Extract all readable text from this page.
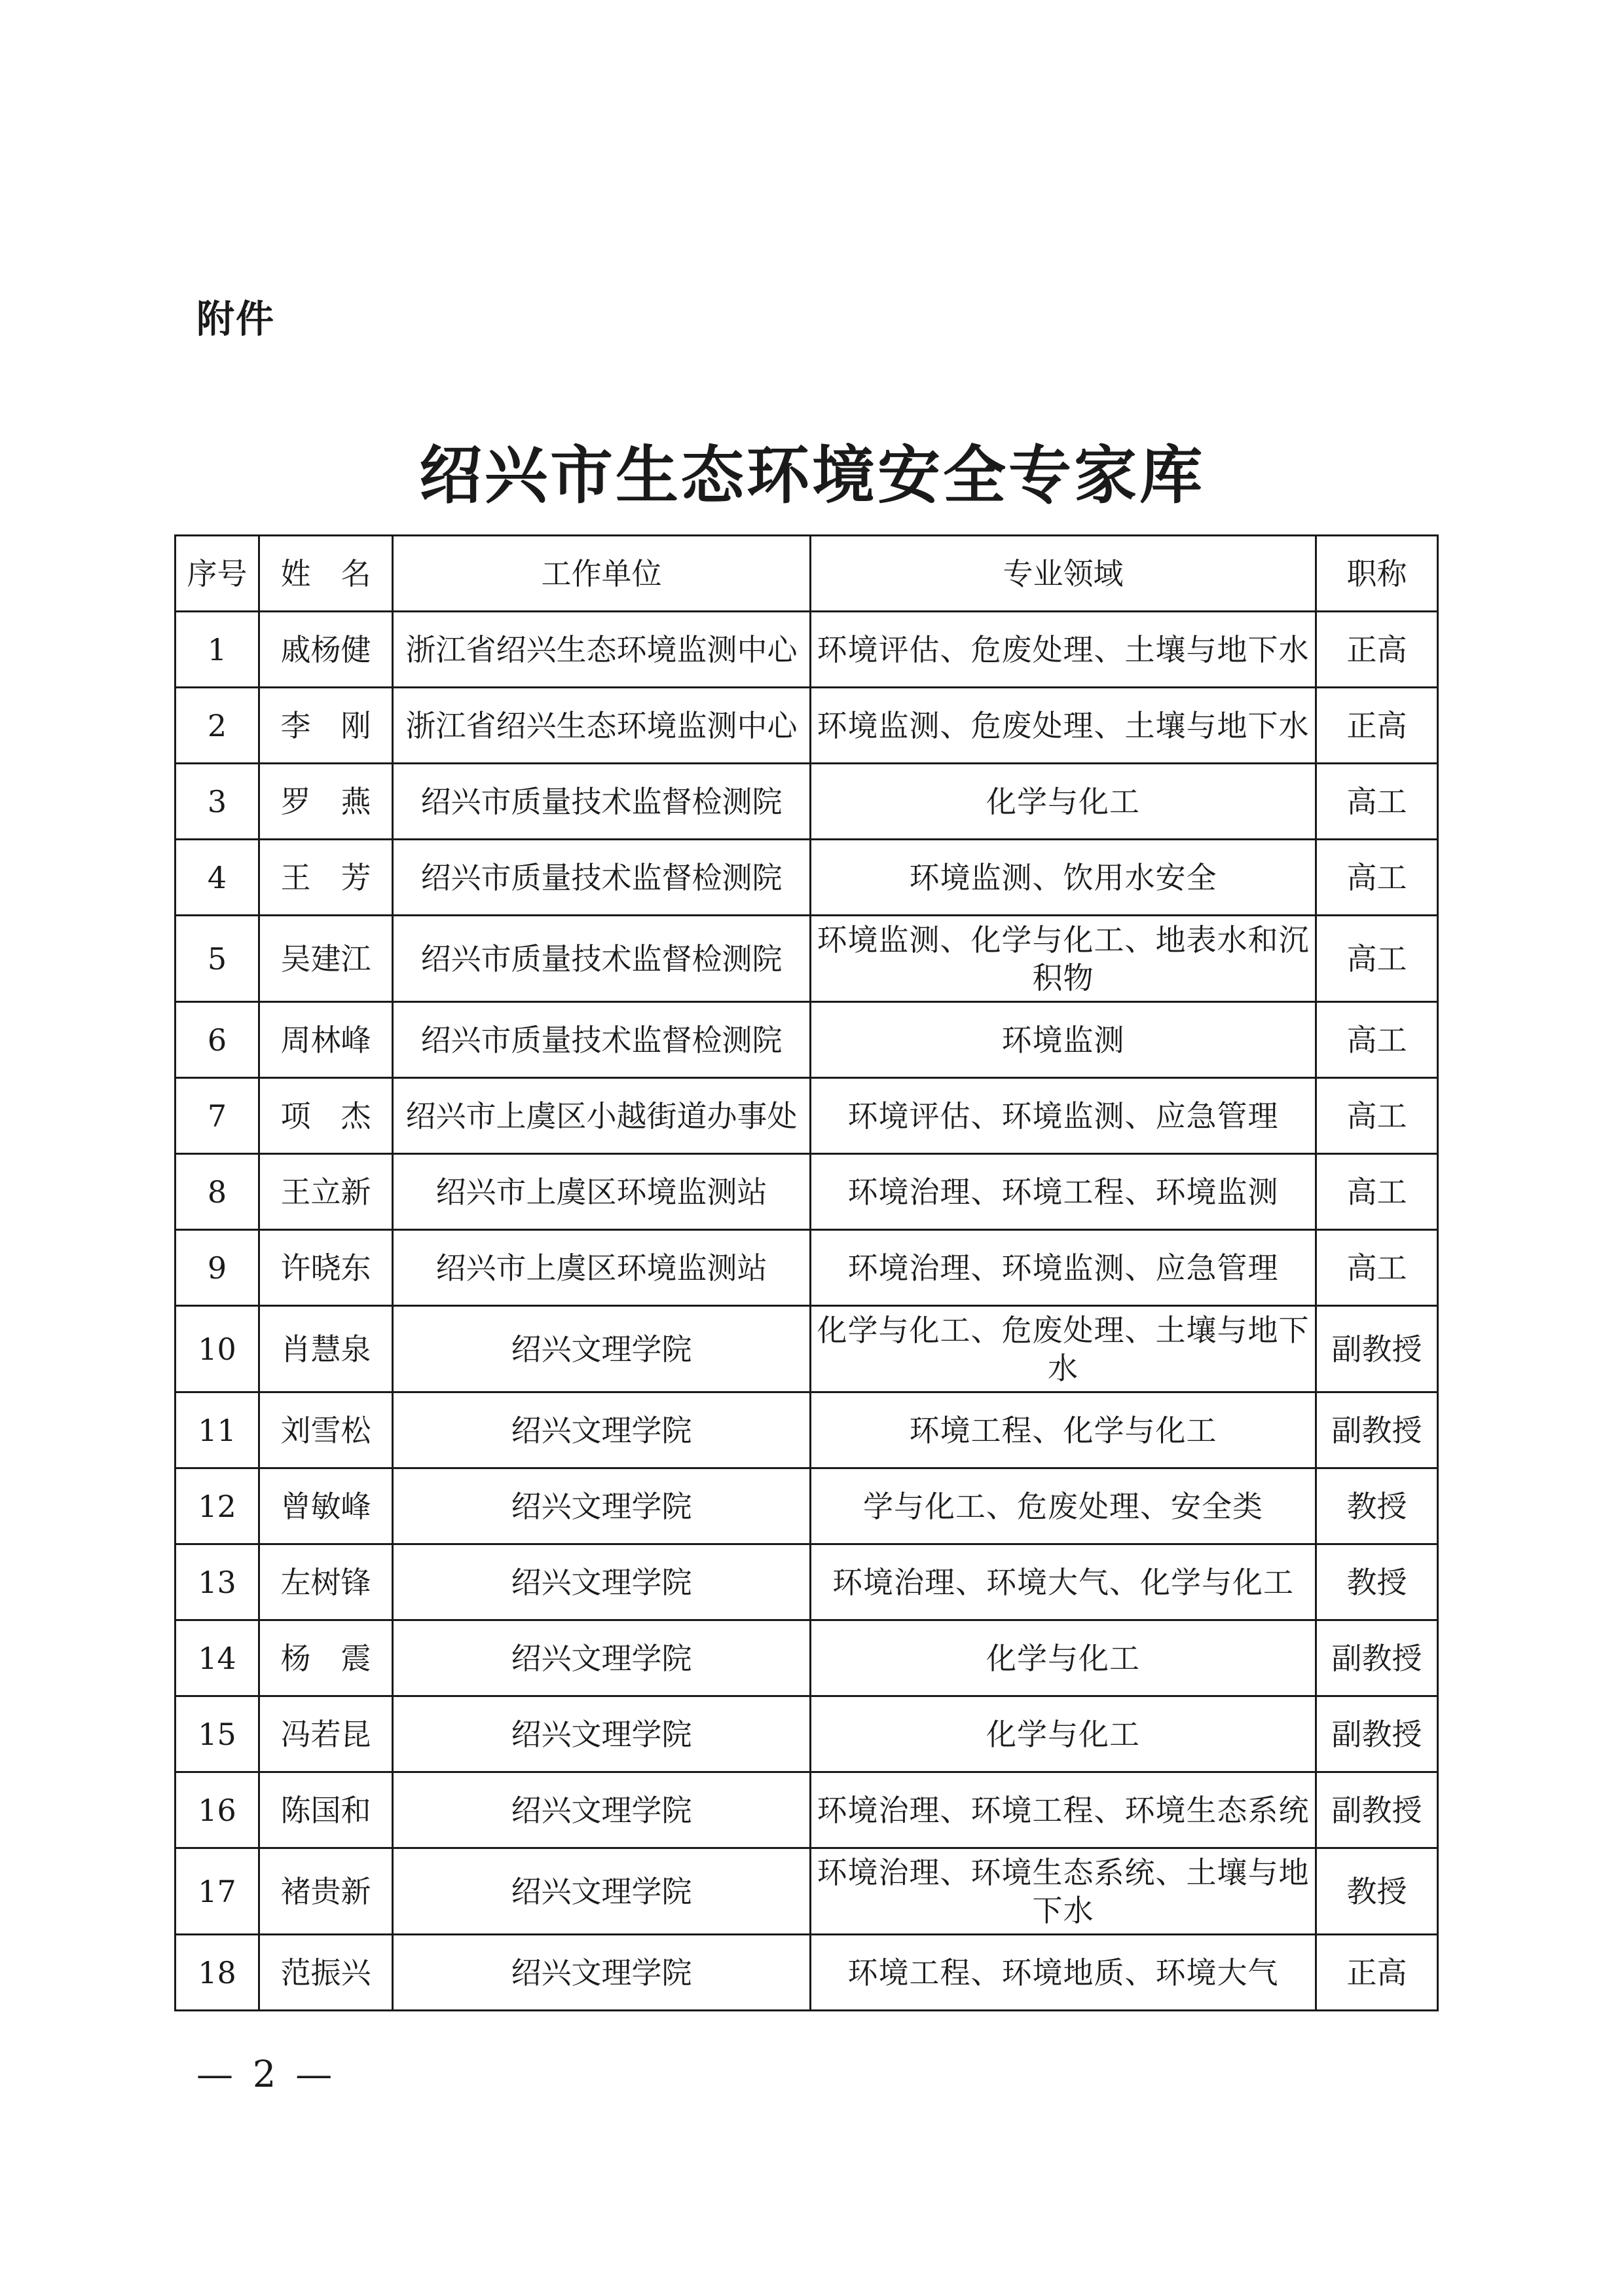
附件
绍兴市生态环境安全专家库
序号	姓　名	工作单位	专业领域	职称
1	戚杨健	浙江省绍兴生态环境监测中心	环境评估、危废处理、土壤与地下水	正高
2	李　刚	浙江省绍兴生态环境监测中心	环境监测、危废处理、土壤与地下水	正高
3	罗　燕	绍兴市质量技术监督检测院	化学与化工	高工
4	王　芳	绍兴市质量技术监督检测院	环境监测、饮用水安全	高工
5	吴建江	绍兴市质量技术监督检测院	环境监测、化学与化工、地表水和沉积物	高工
6	周林峰	绍兴市质量技术监督检测院	环境监测	高工
7	项　杰	绍兴市上虞区小越街道办事处	环境评估、环境监测、应急管理	高工
8	王立新	绍兴市上虞区环境监测站	环境治理、环境工程、环境监测	高工
9	许晓东	绍兴市上虞区环境监测站	环境治理、环境监测、应急管理	高工
10	肖慧泉	绍兴文理学院	化学与化工、危废处理、土壤与地下水	副教授
11	刘雪松	绍兴文理学院	环境工程、化学与化工	副教授
12	曾敏峰	绍兴文理学院	学与化工、危废处理、安全类	教授
13	左树锋	绍兴文理学院	环境治理、环境大气、化学与化工	教授
14	杨　震	绍兴文理学院	化学与化工	副教授
15	冯若昆	绍兴文理学院	化学与化工	副教授
16	陈国和	绍兴文理学院	环境治理、环境工程、环境生态系统	副教授
17	褚贵新	绍兴文理学院	环境治理、环境生态系统、土壤与地下水	教授
18	范振兴	绍兴文理学院	环境工程、环境地质、环境大气	正高
— 2 —
